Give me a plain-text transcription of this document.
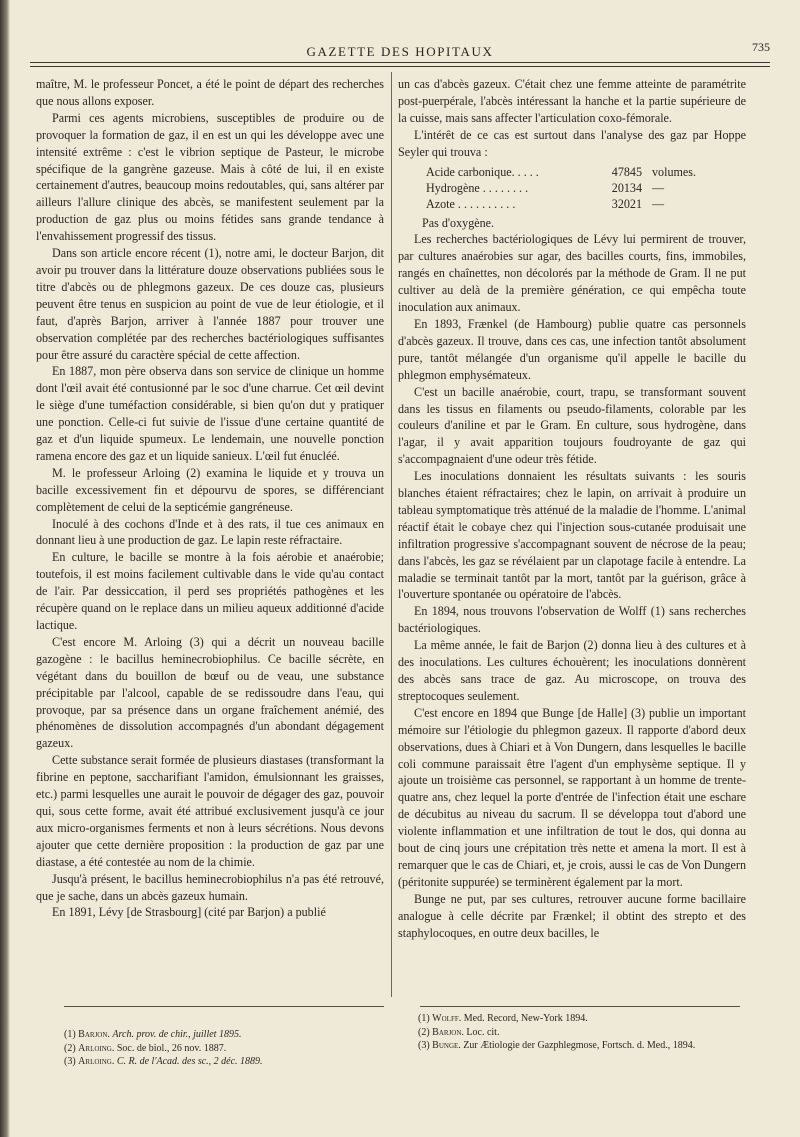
GAZETTE DES HOPITAUX	735

maître, M. le professeur Poncet, a été le point de départ des recherches que nous allons exposer.

Parmi ces agents microbiens, susceptibles de produire ou de provoquer la formation de gaz, il en est un qui les développe avec une intensité extrême : c'est le vibrion septique de Pasteur, le microbe spécifique de la gangrène gazeuse. Mais à côté de lui, il en existe certainement d'autres, beaucoup moins redoutables, qui, sans altérer par ailleurs l'allure clinique des abcès, se manifestent seulement par la production de gaz plus ou moins fétides sans grande tendance à l'envahissement progressif des tissus.

Dans son article encore récent (1), notre ami, le docteur Barjon, dit avoir pu trouver dans la littérature douze observations publiées sous le titre d'abcès ou de phlegmons gazeux. De ces douze cas, plusieurs peuvent être tenus en suspicion au point de vue de leur étiologie, et il faut, d'après Barjon, arriver à l'année 1887 pour trouver une observation complétée par des recherches bactériologiques suffisantes pour être assuré du caractère spécial de cette affection.

En 1887, mon père observa dans son service de clinique un homme dont l'œil avait été contusionné par le soc d'une charrue. Cet œil devint le siège d'une tuméfaction considérable, si bien qu'on dut y pratiquer une ponction. Celle-ci fut suivie de l'issue d'une certaine quantité de gaz et d'un liquide spumeux. Le lendemain, une nouvelle ponction ramena encore des gaz et un liquide sanieux. L'œil fut énucléé.

M. le professeur Arloing (2) examina le liquide et y trouva un bacille excessivement fin et dépourvu de spores, se différenciant complètement de celui de la septicémie gangréneuse.

Inoculé à des cochons d'Inde et à des rats, il tue ces animaux en donnant lieu à une production de gaz. Le lapin reste réfractaire.

En culture, le bacille se montre à la fois aérobie et anaérobie; toutefois, il est moins facilement cultivable dans le vide qu'au contact de l'air. Par dessiccation, il perd ses propriétés pathogènes et les récupère quand on le replace dans un milieu aqueux additionné d'acide lactique.

C'est encore M. Arloing (3) qui a décrit un nouveau bacille gazogène : le bacillus heminecrobiophilus. Ce bacille sécrète, en végétant dans du bouillon de bœuf ou de veau, une substance précipitable par l'alcool, capable de se redissoudre dans l'eau, qui provoque, par sa présence dans un organe fraîchement anémié, des phénomènes de dissolution accompagnés d'un abondant dégagement gazeux.

Cette substance serait formée de plusieurs diastases (transformant la fibrine en peptone, saccharifiant l'amidon, émulsionnant les graisses, etc.) parmi lesquelles une aurait le pouvoir de dégager des gaz, pouvoir qui, sous cette forme, avait été attribué exclusivement jusqu'à ce jour aux micro-organismes ferments et non à leurs sécrétions. Nous devons ajouter que cette dernière proposition : la production de gaz par une diastase, a été contestée au nom de la chimie.

Jusqu'à présent, le bacillus heminecrobiophilus n'a pas été retrouvé, que je sache, dans un abcès gazeux humain.

En 1891, Lévy [de Strasbourg] (cité par Barjon) a publié

un cas d'abcès gazeux. C'était chez une femme atteinte de paramétrite post-puerpérale, l'abcès intéressant la hanche et la partie supérieure de la cuisse, mais sans affecter l'articulation coxo-fémorale.

L'intérêt de ce cas est surtout dans l'analyse des gaz par Hoppe Seyler qui trouva :

Acide carbonique. . . . .	47845 volumes.
Hydrogène . . . . . . . .	20134 —
Azote . . . . . . . . . .	32021 —

Pas d'oxygène.

Les recherches bactériologiques de Lévy lui permirent de trouver, par cultures anaérobies sur agar, des bacilles courts, fins, immobiles, rangés en chaînettes, non décolorés par la méthode de Gram. Il ne put cultiver au delà de la première génération, ce qui empêcha toute inoculation aux animaux.

En 1893, Frænkel (de Hambourg) publie quatre cas personnels d'abcès gazeux. Il trouve, dans ces cas, une infection tantôt absolument pure, tantôt mélangée d'un organisme qu'il appelle le bacille du phlegmon emphysémateux.

C'est un bacille anaérobie, court, trapu, se transformant souvent dans les tissus en filaments ou pseudo-filaments, colorable par les couleurs d'aniline et par le Gram. En culture, sous hydrogène, dans l'agar, il y avait apparition toujours foudroyante de gaz qui s'accompagnaient d'une odeur très fétide.

Les inoculations donnaient les résultats suivants : les souris blanches étaient réfractaires; chez le lapin, on arrivait à produire un tableau symptomatique très atténué de la maladie de l'homme. L'animal réactif était le cobaye chez qui l'injection sous-cutanée produisait une infiltration progressive s'accompagnant souvent de nécrose de la peau; dans l'abcès, les gaz se révélaient par un clapotage facile à entendre. La maladie se terminait tantôt par la mort, tantôt par la guérison, grâce à l'ouverture spontanée ou opératoire de l'abcès.

En 1894, nous trouvons l'observation de Wolff (1) sans recherches bactériologiques.

La même année, le fait de Barjon (2) donna lieu à des cultures et à des inoculations. Les cultures échouèrent; les inoculations donnèrent des abcès sans trace de gaz. Au microscope, on trouva des streptocoques seulement.

C'est encore en 1894 que Bunge [de Halle] (3) publie un important mémoire sur l'étiologie du phlegmon gazeux. Il rapporte d'abord deux observations, dues à Chiari et à Von Dungern, dans lesquelles le bacille coli commune paraissait être l'agent d'un emphysème septique. Il y ajoute un troisième cas personnel, se rapportant à un homme de trente-quatre ans, chez lequel la porte d'entrée de l'infection était une eschare de décubitus au niveau du sacrum. Il se développa tout d'abord une violente inflammation et une infiltration de tout le dos, qui donna au bout de cinq jours une crépitation très nette et amena la mort. Il est à remarquer que le cas de Chiari, et, je crois, aussi le cas de Von Dungern (péritonite suppurée) se terminèrent également par la mort.

Bunge ne put, par ses cultures, retrouver aucune forme bacillaire analogue à celle décrite par Frænkel; il obtint des strepto et des staphylocoques, en outre deux bacilles, le

(1) Barjon. Arch. prov. de chir., juillet 1895.
(2) Arloing. Soc. de biol., 26 nov. 1887.
(3) Arloing. C. R. de l'Acad. des sc., 2 déc. 1889.
(1) Wolff. Med. Record, New-York 1894.
(2) Barjon. Loc. cit.
(3) Bunge. Zur Ætiologie der Gazphlegmose, Fortsch. d. Med., 1894.
